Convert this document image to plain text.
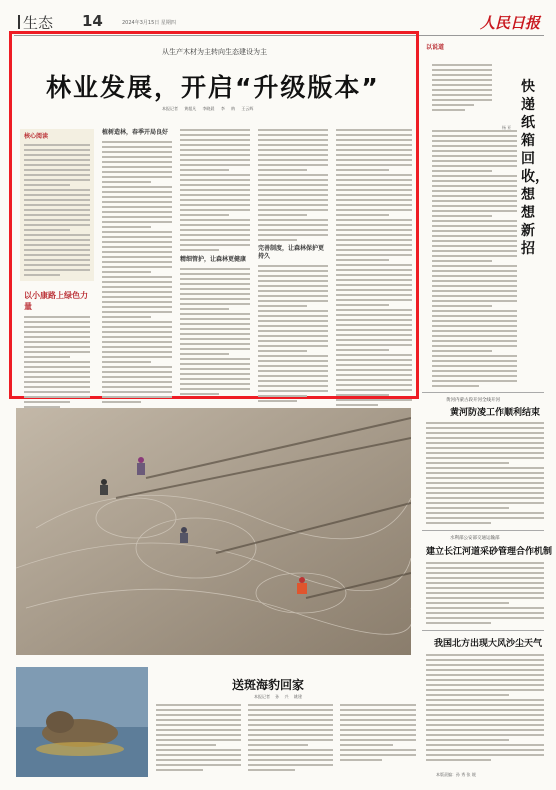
生态 14	2024年3月15日 星期四	人民日报
从生产木材为主转向生态建设为主
林业发展，开启“升级版本”
本报记者 黄超凡 李晓晨 李 纳 王云辉
核心阅读
以小康路上绿色力量
植树造林，春季开局良好
精细管护，让森林更健康
完善制度，让森林保护更持久
以说道
快递纸箱回收，想想新招
杨 亚
黄河内蒙古段开河全线开河
黄河防凌工作顺利结束
水利部公安部交通运输部
建立长江河道采砂管理合作机制
我国北方出现大风沙尘天气
送斑海豹回家
本报记者 孙 兴 姚建
本版责编：孙 秀 张 媛
